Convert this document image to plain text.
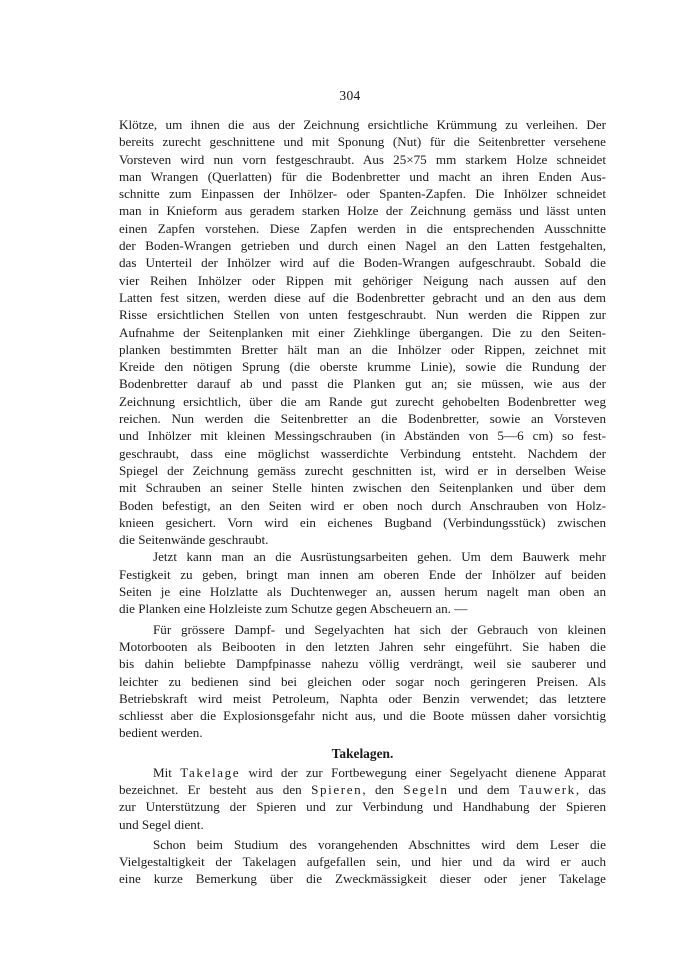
304
Klötze, um ihnen die aus der Zeichnung ersichtliche Krümmung zu verleihen. Der
bereits zurecht geschnittene und mit Sponung (Nut) für die Seitenbretter versehene
Vorsteven wird nun vorn festgeschraubt. Aus 25×75 mm starkem Holze schneidet
man Wrangen (Querlatten) für die Bodenbretter und macht an ihren Enden Aus-
schnitte zum Einpassen der Inhölzer- oder Spanten-Zapfen. Die Inhölzer schneidet
man in Knieform aus geradem starken Holze der Zeichnung gemäss und lässt unten
einen Zapfen vorstehen. Diese Zapfen werden in die entsprechenden Ausschnitte
der Boden-Wrangen getrieben und durch einen Nagel an den Latten festgehalten,
das Unterteil der Inhölzer wird auf die Boden-Wrangen aufgeschraubt. Sobald die
vier Reihen Inhölzer oder Rippen mit gehöriger Neigung nach aussen auf den
Latten fest sitzen, werden diese auf die Bodenbretter gebracht und an den aus dem
Risse ersichtlichen Stellen von unten festgeschraubt. Nun werden die Rippen zur
Aufnahme der Seitenplanken mit einer Ziehklinge übergangen. Die zu den Seiten-
planken bestimmten Bretter hält man an die Inhölzer oder Rippen, zeichnet mit
Kreide den nötigen Sprung (die oberste krumme Linie), sowie die Rundung der
Bodenbretter darauf ab und passt die Planken gut an; sie müssen, wie aus der
Zeichnung ersichtlich, über die am Rande gut zurecht gehobelten Bodenbretter weg
reichen. Nun werden die Seitenbretter an die Bodenbretter, sowie an Vorsteven
und Inhölzer mit kleinen Messingschrauben (in Abständen von 5—6 cm) so fest-
geschraubt, dass eine möglichst wasserdichte Verbindung entsteht. Nachdem der
Spiegel der Zeichnung gemäss zurecht geschnitten ist, wird er in derselben Weise
mit Schrauben an seiner Stelle hinten zwischen den Seitenplanken und über dem
Boden befestigt, an den Seiten wird er oben noch durch Anschrauben von Holz-
knieen gesichert. Vorn wird ein eichenes Bugband (Verbindungsstück) zwischen
die Seitenwände geschraubt.
Jetzt kann man an die Ausrüstungsarbeiten gehen. Um dem Bauwerk mehr
Festigkeit zu geben, bringt man innen am oberen Ende der Inhölzer auf beiden
Seiten je eine Holzlatte als Duchtenweger an, aussen herum nagelt man oben an
die Planken eine Holzleiste zum Schutze gegen Abscheuern an. —
Für grössere Dampf- und Segelyachten hat sich der Gebrauch von kleinen
Motorbooten als Beibooten in den letzten Jahren sehr eingeführt. Sie haben die
bis dahin beliebte Dampfpinasse nahezu völlig verdrängt, weil sie sauberer und
leichter zu bedienen sind bei gleichen oder sogar noch geringeren Preisen. Als
Betriebskraft wird meist Petroleum, Naphta oder Benzin verwendet; das letztere
schliesst aber die Explosionsgefahr nicht aus, und die Boote müssen daher vorsichtig
bedient werden.
Takelagen.
Mit Takelage wird der zur Fortbewegung einer Segelyacht dienene Apparat
bezeichnet. Er besteht aus den Spieren, den Segeln und dem Tauwerk, das
zur Unterstützung der Spieren und zur Verbindung und Handhabung der Spieren
und Segel dient.
Schon beim Studium des vorangehenden Abschnittes wird dem Leser die
Vielgestaltigkeit der Takelagen aufgefallen sein, und hier und da wird er auch
eine kurze Bemerkung über die Zweckmässigkeit dieser oder jener Takelage
